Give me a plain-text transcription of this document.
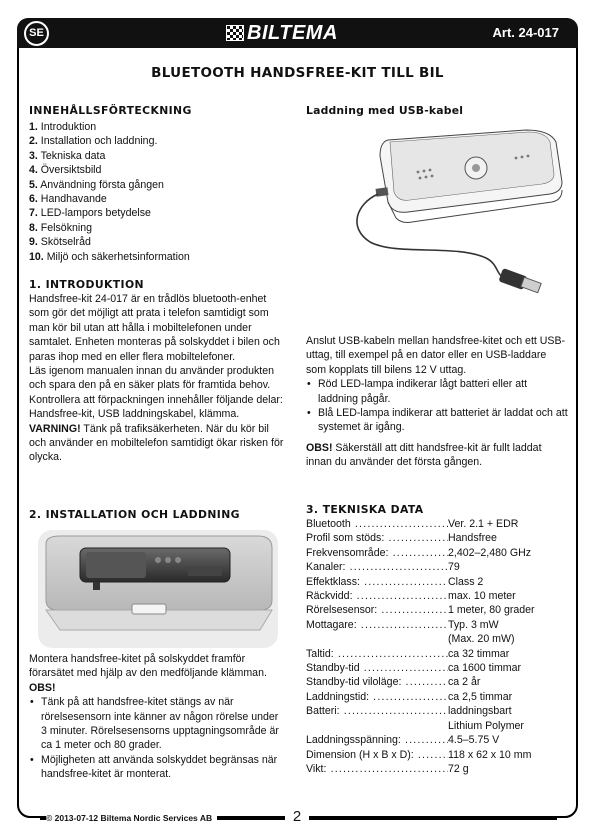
SE	BILTEMA	Art. 24-017
BLUETOOTH HANDSFREE-KIT TILL BIL
INNEHÅLLSFÖRTECKNING
1. Introduktion
2. Installation och laddning.
3. Tekniska data
4. Översiktsbild
5. Användning första gången
6. Handhavande
7. LED-lampors betydelse
8. Felsökning
9. Skötselråd
10. Miljö och säkerhetsinformation
1. INTRODUKTION

Handsfree-kit 24-017 är en trådlös bluetooth-enhet som gör det möjligt att prata i telefon samtidigt som man kör bil utan att hålla i mobiltelefonen under samtalet. Enheten monteras på solskyddet i bilen och paras ihop med en eller flera mobiltelefoner.

Läs igenom manualen innan du använder produkten och spara den på en säker plats för framtida behov. Kontrollera att förpackningen innehåller följande delar: Handsfree-kit, USB laddningskabel, klämma.

VARNING! Tänk på trafiksäkerheten. När du kör bil och använder en mobiltelefon samtidigt ökar risken för olycka.

2. INSTALLATION OCH LADDNING

Montera handsfree-kitet på solskyddet framför förarsätet med hjälp av den medföljande klämman.

OBS!

• Tänk på att handsfree-kitet stängs av när rörelsesensorn inte känner av någon rörelse under 3 minuter. Rörelsesensorns upptagningsområde är ca 1 meter och 80 grader.
• Möjligheten att använda solskyddet begränsas när handsfree-kitet är monterat.
Laddning med USB-kabel

Anslut USB-kabeln mellan handsfree-kitet och ett USB-uttag, till exempel på en dator eller en USB-laddare som kopplats till bilens 12 V uttag.

• Röd LED-lampa indikerar lågt batteri eller att laddning pågår.
• Blå LED-lampa indikerar att batteriet är laddat och att systemet är igång.

OBS! Säkerställ att ditt handsfree-kit är fullt laddat innan du använder det första gången.

3. TEKNISKA DATA
Bluetooth .....	Ver. 2.1 + EDR
Profil som stöds: .....	Handsfree
Frekvensområde: .....	2,402–2,480 GHz
Kanaler: .....	79
Effektklass: .....	Class 2
Räckvidd: .....	max. 10 meter
Rörelsesensor: .....	1 meter, 80 grader
Mottagare: .....	Typ. 3 mW
(Max. 20 mW)
Taltid: .....	ca 32 timmar
Standby-tid .....	ca 1600 timmar
Standby-tid viloläge: .....	ca 2 år
Laddningstid: .....	ca 2,5 timmar
Batteri: .....	laddningsbart
Lithium Polymer
Laddningsspänning: .....	4.5–5.75 V
Dimension (H x B x D): .....	118 x 62 x 10 mm
Vikt: .....	72 g
© 2013-07-12 Biltema Nordic Services AB	2
